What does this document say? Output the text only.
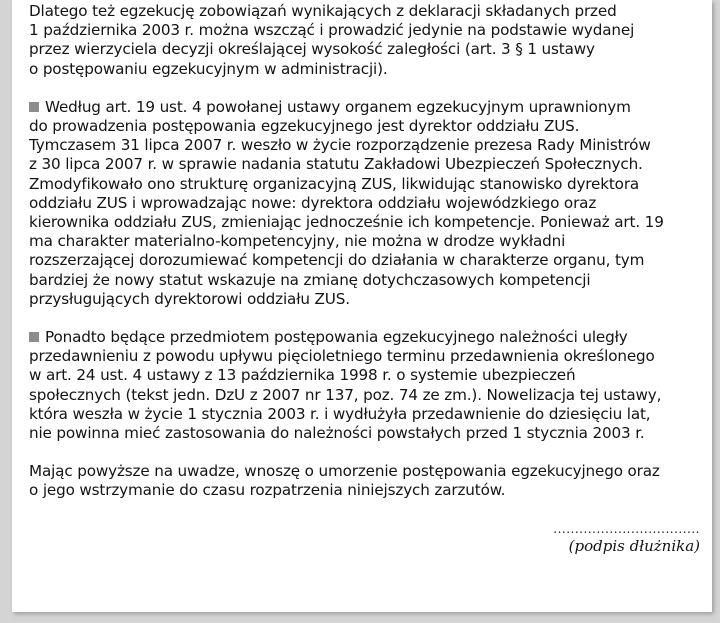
Dlatego też egzekucję zobowiązań wynikających z deklaracji składanych przed
1 października 2003 r. można wszcząć i prowadzić jedynie na podstawie wydanej
przez wierzyciela decyzji określającej wysokość zaległości (art. 3 § 1 ustawy
o postępowaniu egzekucyjnym w administracji).

Według art. 19 ust. 4 powołanej ustawy organem egzekucyjnym uprawnionym
do prowadzenia postępowania egzekucyjnego jest dyrektor oddziału ZUS.
Tymczasem 31 lipca 2007 r. weszło w życie rozporządzenie prezesa Rady Ministrów
z 30 lipca 2007 r. w sprawie nadania statutu Zakładowi Ubezpieczeń Społecznych.
Zmodyfikowało ono strukturę organizacyjną ZUS, likwidując stanowisko dyrektora
oddziału ZUS i wprowadzając nowe: dyrektora oddziału wojewódzkiego oraz
kierownika oddziału ZUS, zmieniając jednocześnie ich kompetencje. Ponieważ art. 19
ma charakter materialno-kompetencyjny, nie można w drodze wykładni
rozszerzającej dorozumiewać kompetencji do działania w charakterze organu, tym
bardziej że nowy statut wskazuje na zmianę dotychczasowych kompetencji
przysługujących dyrektorowi oddziału ZUS.

Ponadto będące przedmiotem postępowania egzekucyjnego należności uległy
przedawnieniu z powodu upływu pięcioletniego terminu przedawnienia określonego
w art. 24 ust. 4 ustawy z 13 października 1998 r. o systemie ubezpieczeń
społecznych (tekst jedn. DzU z 2007 nr 137, poz. 74 ze zm.). Nowelizacja tej ustawy,
która weszła w życie 1 stycznia 2003 r. i wydłużyła przedawnienie do dziesięciu lat,
nie powinna mieć zastosowania do należności powstałych przed 1 stycznia 2003 r.

Mając powyższe na uwadze, wnoszę o umorzenie postępowania egzekucyjnego oraz
o jego wstrzymanie do czasu rozpatrzenia niniejszych zarzutów.

..................................
(podpis dłużnika)
